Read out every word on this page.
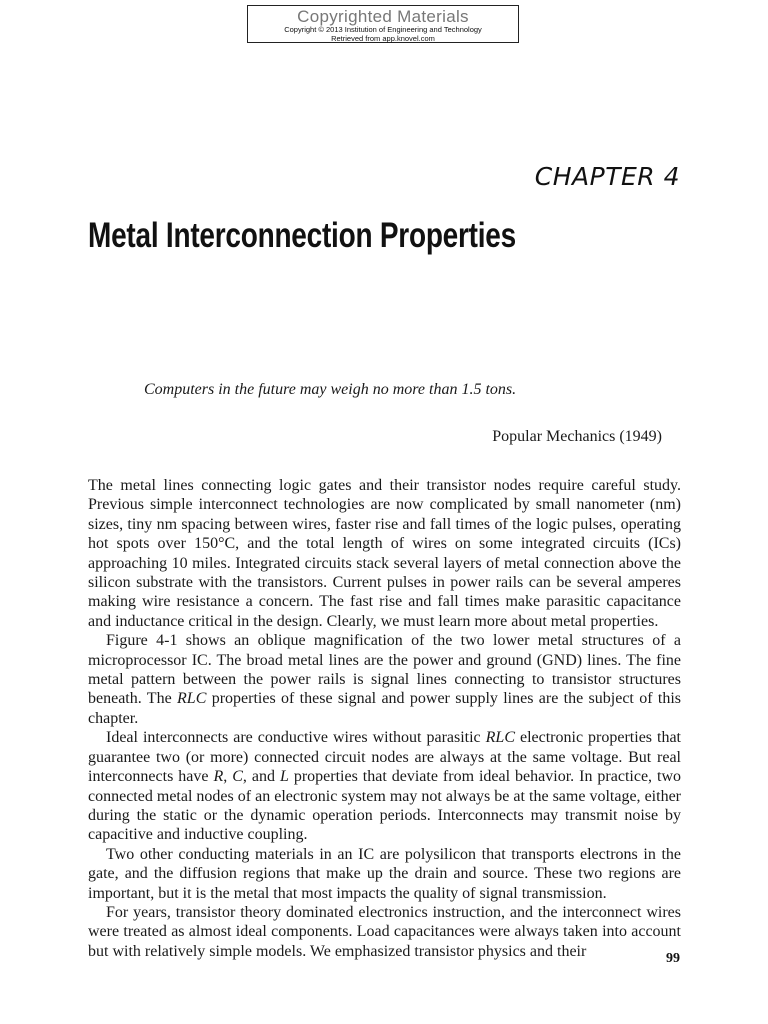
Copyrighted Materials
Copyright © 2013 Institution of Engineering and Technology
Retrieved from app.knovel.com
CHAPTER 4
Metal Interconnection Properties
Computers in the future may weigh no more than 1.5 tons.
Popular Mechanics (1949)

The metal lines connecting logic gates and their transistor nodes require careful study. Previous simple interconnect technologies are now complicated by small nanometer (nm) sizes, tiny nm spacing between wires, faster rise and fall times of the logic pulses, operating hot spots over 150°C, and the total length of wires on some integrated circuits (ICs) approaching 10 miles. Integrated circuits stack several layers of metal connection above the silicon substrate with the transistors. Current pulses in power rails can be several amperes making wire resistance a concern. The fast rise and fall times make parasitic capacitance and inductance critical in the design. Clearly, we must learn more about metal properties.

Figure 4-1 shows an oblique magnification of the two lower metal structures of a microprocessor IC. The broad metal lines are the power and ground (GND) lines. The fine metal pattern between the power rails is signal lines connecting to transistor structures beneath. The RLC properties of these signal and power supply lines are the subject of this chapter.

Ideal interconnects are conductive wires without parasitic RLC electronic properties that guarantee two (or more) connected circuit nodes are always at the same voltage. But real interconnects have R, C, and L properties that deviate from ideal behavior. In practice, two connected metal nodes of an electronic system may not always be at the same voltage, either during the static or the dynamic operation periods. Interconnects may transmit noise by capacitive and inductive coupling.

Two other conducting materials in an IC are polysilicon that transports electrons in the gate, and the diffusion regions that make up the drain and source. These two regions are important, but it is the metal that most impacts the quality of signal transmission.

For years, transistor theory dominated electronics instruction, and the interconnect wires were treated as almost ideal components. Load capacitances were always taken into account but with relatively simple models. We emphasized transistor physics and their	99
